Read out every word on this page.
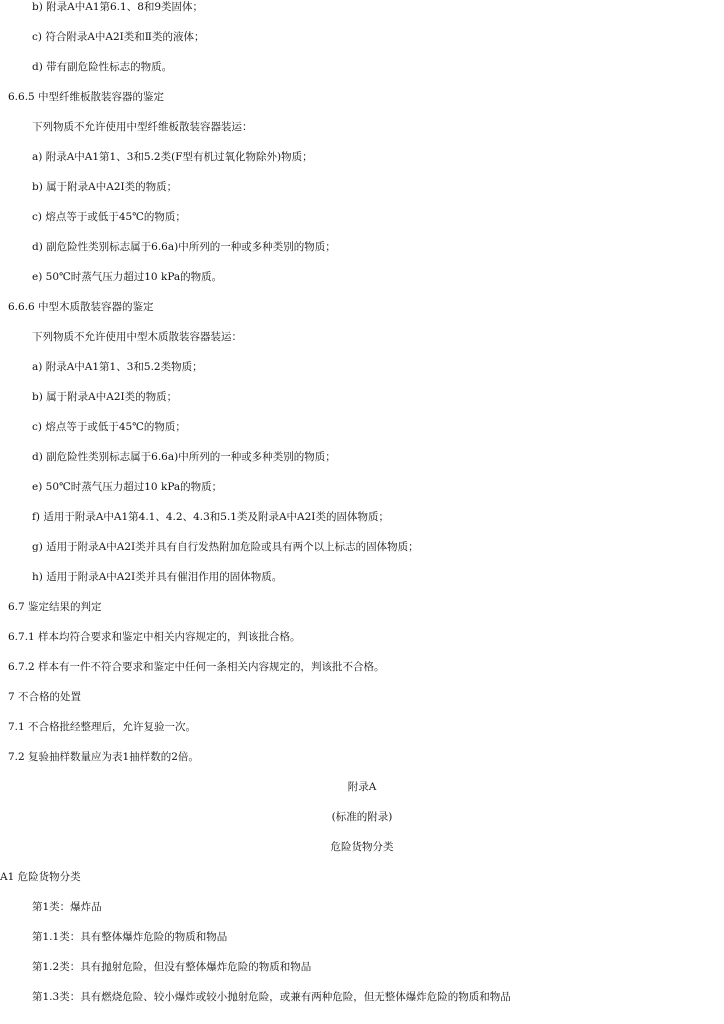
b) 附录A中A1第6.1、8和9类固体；
c) 符合附录A中A2Ⅰ类和Ⅱ类的液体；
d) 带有副危险性标志的物质。
6.6.5 中型纤维板散装容器的鉴定
下列物质不允许使用中型纤维板散装容器装运：
a) 附录A中A1第1、3和5.2类(F型有机过氧化物除外)物质；
b) 属于附录A中A2Ⅰ类的物质；
c) 熔点等于或低于45℃的物质；
d) 副危险性类别标志属于6.6a)中所列的一种或多种类别的物质；
e) 50℃时蒸气压力超过10 kPa的物质。
6.6.6 中型木质散装容器的鉴定
下列物质不允许使用中型木质散装容器装运：
a) 附录A中A1第1、3和5.2类物质；
b) 属于附录A中A2Ⅰ类的物质；
c) 熔点等于或低于45℃的物质；
d) 副危险性类别标志属于6.6a)中所列的一种或多种类别的物质；
e) 50℃时蒸气压力超过10 kPa的物质；
f) 适用于附录A中A1第4.1、4.2、4.3和5.1类及附录A中A2Ⅰ类的固体物质；
g) 适用于附录A中A2Ⅰ类并具有自行发热附加危险或具有两个以上标志的固体物质；
h) 适用于附录A中A2Ⅰ类并具有催泪作用的固体物质。
6.7 鉴定结果的判定
6.7.1 样本均符合要求和鉴定中相关内容规定的，判该批合格。
6.7.2 样本有一件不符合要求和鉴定中任何一条相关内容规定的，判该批不合格。
7 不合格的处置
7.1 不合格批经整理后，允许复验一次。
7.2 复验抽样数量应为表1抽样数的2倍。
附录A
(标准的附录)
危险货物分类
A1 危险货物分类
第1类：爆炸品
第1.1类：具有整体爆炸危险的物质和物品
第1.2类：具有抛射危险，但没有整体爆炸危险的物质和物品
第1.3类：具有燃烧危险、较小爆炸或较小抛射危险，或兼有两种危险，但无整体爆炸危险的物质和物品
